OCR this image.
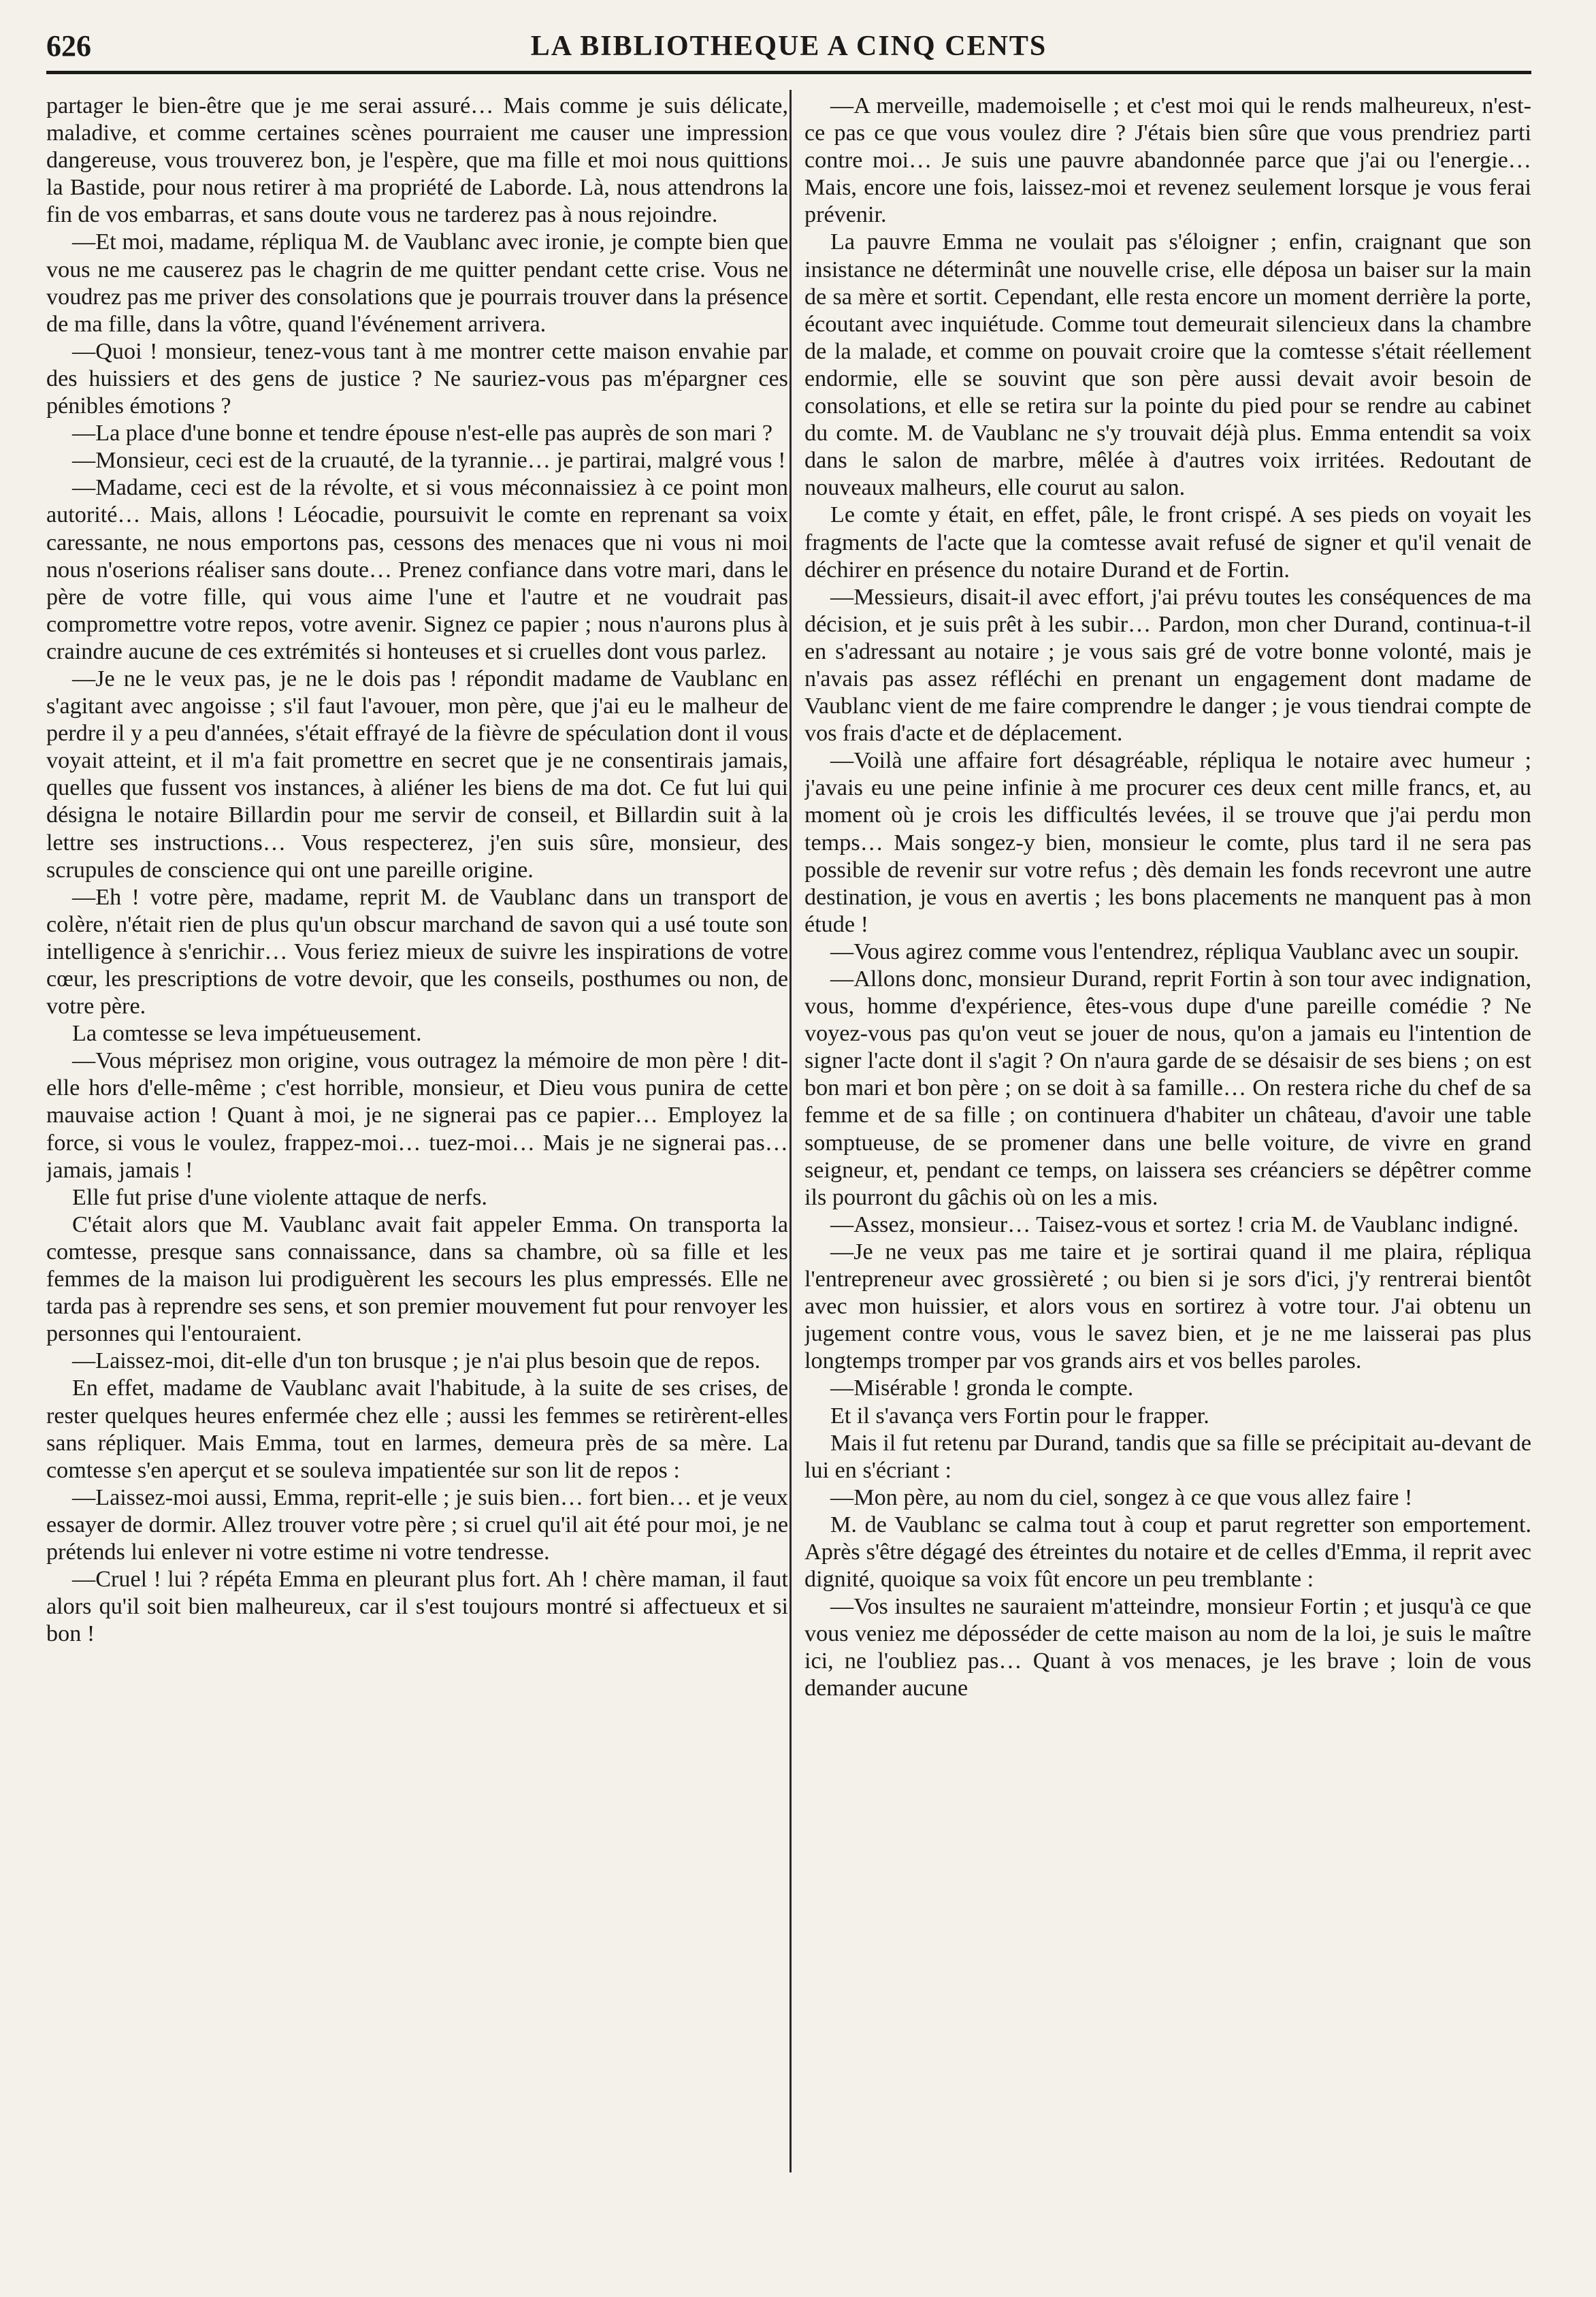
626	LA BIBLIOTHEQUE A CINQ CENTS

partager le bien-être que je me serai assuré… Mais comme je suis délicate, maladive, et comme certaines scènes pourraient me causer une impression dangereuse, vous trouverez bon, je l'espère, que ma fille et moi nous quittions la Bastide, pour nous retirer à ma propriété de Laborde. Là, nous attendrons la fin de vos embarras, et sans doute vous ne tarderez pas à nous rejoindre.

—Et moi, madame, répliqua M. de Vaublanc avec ironie, je compte bien que vous ne me causerez pas le chagrin de me quitter pendant cette crise. Vous ne voudrez pas me priver des consolations que je pourrais trouver dans la présence de ma fille, dans la vôtre, quand l'événement arrivera.

—Quoi ! monsieur, tenez-vous tant à me montrer cette maison envahie par des huissiers et des gens de justice ? Ne sauriez-vous pas m'épargner ces pénibles émotions ?

—La place d'une bonne et tendre épouse n'est-elle pas auprès de son mari ?

—Monsieur, ceci est de la cruauté, de la tyrannie… je partirai, malgré vous !

—Madame, ceci est de la révolte, et si vous méconnaissiez à ce point mon autorité… Mais, allons ! Léocadie, poursuivit le comte en reprenant sa voix caressante, ne nous emportons pas, cessons des menaces que ni vous ni moi nous n'oserions réaliser sans doute… Prenez confiance dans votre mari, dans le père de votre fille, qui vous aime l'une et l'autre et ne voudrait pas compromettre votre repos, votre avenir. Signez ce papier ; nous n'aurons plus à craindre aucune de ces extrémités si honteuses et si cruelles dont vous parlez.

—Je ne le veux pas, je ne le dois pas ! répondit madame de Vaublanc en s'agitant avec angoisse ; s'il faut l'avouer, mon père, que j'ai eu le malheur de perdre il y a peu d'années, s'était effrayé de la fièvre de spéculation dont il vous voyait atteint, et il m'a fait promettre en secret que je ne consentirais jamais, quelles que fussent vos instances, à aliéner les biens de ma dot. Ce fut lui qui désigna le notaire Billardin pour me servir de conseil, et Billardin suit à la lettre ses instructions… Vous respecterez, j'en suis sûre, monsieur, des scrupules de conscience qui ont une pareille origine.

—Eh ! votre père, madame, reprit M. de Vaublanc dans un transport de colère, n'était rien de plus qu'un obscur marchand de savon qui a usé toute son intelligence à s'enrichir… Vous feriez mieux de suivre les inspirations de votre cœur, les prescriptions de votre devoir, que les conseils, posthumes ou non, de votre père.

La comtesse se leva impétueusement.

—Vous méprisez mon origine, vous outragez la mémoire de mon père ! dit-elle hors d'elle-même ; c'est horrible, monsieur, et Dieu vous punira de cette mauvaise action ! Quant à moi, je ne signerai pas ce papier… Employez la force, si vous le voulez, frappez-moi… tuez-moi… Mais je ne signerai pas… jamais, jamais !

Elle fut prise d'une violente attaque de nerfs.

C'était alors que M. Vaublanc avait fait appeler Emma. On transporta la comtesse, presque sans connaissance, dans sa chambre, où sa fille et les femmes de la maison lui prodiguèrent les secours les plus empressés. Elle ne tarda pas à reprendre ses sens, et son premier mouvement fut pour renvoyer les personnes qui l'entouraient.

—Laissez-moi, dit-elle d'un ton brusque ; je n'ai plus besoin que de repos.

En effet, madame de Vaublanc avait l'habitude, à la suite de ses crises, de rester quelques heures enfermée chez elle ; aussi les femmes se retirèrent-elles sans répliquer. Mais Emma, tout en larmes, demeura près de sa mère. La comtesse s'en aperçut et se souleva impatientée sur son lit de repos :

—Laissez-moi aussi, Emma, reprit-elle ; je suis bien… fort bien… et je veux essayer de dormir. Allez trouver votre père ; si cruel qu'il ait été pour moi, je ne prétends lui enlever ni votre estime ni votre tendresse.

—Cruel ! lui ? répéta Emma en pleurant plus fort. Ah ! chère maman, il faut alors qu'il soit bien malheureux, car il s'est toujours montré si affectueux et si bon !

—A merveille, mademoiselle ; et c'est moi qui le rends malheureux, n'est-ce pas ce que vous voulez dire ? J'étais bien sûre que vous prendriez parti contre moi… Je suis une pauvre abandonnée parce que j'ai ou l'energie… Mais, encore une fois, laissez-moi et revenez seulement lorsque je vous ferai prévenir.

La pauvre Emma ne voulait pas s'éloigner ; enfin, craignant que son insistance ne déterminât une nouvelle crise, elle déposa un baiser sur la main de sa mère et sortit. Cependant, elle resta encore un moment derrière la porte, écoutant avec inquiétude. Comme tout demeurait silencieux dans la chambre de la malade, et comme on pouvait croire que la comtesse s'était réellement endormie, elle se souvint que son père aussi devait avoir besoin de consolations, et elle se retira sur la pointe du pied pour se rendre au cabinet du comte. M. de Vaublanc ne s'y trouvait déjà plus. Emma entendit sa voix dans le salon de marbre, mêlée à d'autres voix irritées. Redoutant de nouveaux malheurs, elle courut au salon.

Le comte y était, en effet, pâle, le front crispé. A ses pieds on voyait les fragments de l'acte que la comtesse avait refusé de signer et qu'il venait de déchirer en présence du notaire Durand et de Fortin.

—Messieurs, disait-il avec effort, j'ai prévu toutes les conséquences de ma décision, et je suis prêt à les subir… Pardon, mon cher Durand, continua-t-il en s'adressant au notaire ; je vous sais gré de votre bonne volonté, mais je n'avais pas assez réfléchi en prenant un engagement dont madame de Vaublanc vient de me faire comprendre le danger ; je vous tiendrai compte de vos frais d'acte et de déplacement.

—Voilà une affaire fort désagréable, répliqua le notaire avec humeur ; j'avais eu une peine infinie à me procurer ces deux cent mille francs, et, au moment où je crois les difficultés levées, il se trouve que j'ai perdu mon temps… Mais songez-y bien, monsieur le comte, plus tard il ne sera pas possible de revenir sur votre refus ; dès demain les fonds recevront une autre destination, je vous en avertis ; les bons placements ne manquent pas à mon étude !

—Vous agirez comme vous l'entendrez, répliqua Vaublanc avec un soupir.

—Allons donc, monsieur Durand, reprit Fortin à son tour avec indignation, vous, homme d'expérience, êtes-vous dupe d'une pareille comédie ? Ne voyez-vous pas qu'on veut se jouer de nous, qu'on a jamais eu l'intention de signer l'acte dont il s'agit ? On n'aura garde de se désaisir de ses biens ; on est bon mari et bon père ; on se doit à sa famille… On restera riche du chef de sa femme et de sa fille ; on continuera d'habiter un château, d'avoir une table somptueuse, de se promener dans une belle voiture, de vivre en grand seigneur, et, pendant ce temps, on laissera ses créanciers se dépêtrer comme ils pourront du gâchis où on les a mis.

—Assez, monsieur… Taisez-vous et sortez ! cria M. de Vaublanc indigné.

—Je ne veux pas me taire et je sortirai quand il me plaira, répliqua l'entrepreneur avec grossièreté ; ou bien si je sors d'ici, j'y rentrerai bientôt avec mon huissier, et alors vous en sortirez à votre tour. J'ai obtenu un jugement contre vous, vous le savez bien, et je ne me laisserai pas plus longtemps tromper par vos grands airs et vos belles paroles.

—Misérable ! gronda le compte.

Et il s'avança vers Fortin pour le frapper.

Mais il fut retenu par Durand, tandis que sa fille se précipitait au-devant de lui en s'écriant :

—Mon père, au nom du ciel, songez à ce que vous allez faire !

M. de Vaublanc se calma tout à coup et parut regretter son emportement. Après s'être dégagé des étreintes du notaire et de celles d'Emma, il reprit avec dignité, quoique sa voix fût encore un peu tremblante :

—Vos insultes ne sauraient m'atteindre, monsieur Fortin ; et jusqu'à ce que vous veniez me déposséder de cette maison au nom de la loi, je suis le maître ici, ne l'oubliez pas… Quant à vos menaces, je les brave ; loin de vous demander aucune
